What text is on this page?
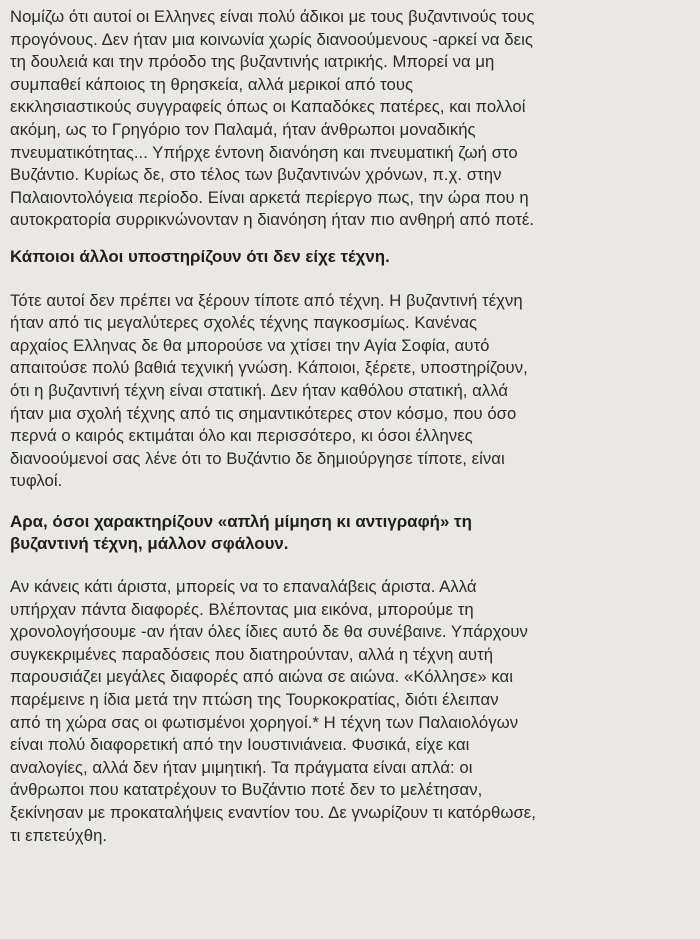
Νομίζω ότι αυτοί οι Ελληνες είναι πολύ άδικοι με τους βυζαντινούς τους
προγόνους. Δεν ήταν μια κοινωνία χωρίς διανοούμενους -αρκεί να δεις
τη δουλειά και την πρόοδο της βυζαντινής ιατρικής. Μπορεί να μη
συμπαθεί κάποιος τη θρησκεία, αλλά μερικοί από τους
εκκλησιαστικούς συγγραφείς όπως οι Καπαδόκες πατέρες, και πολλοί
ακόμη, ως το Γρηγόριο τον Παλαμά, ήταν άνθρωποι μοναδικής
πνευματικότητας... Υπήρχε έντονη διανόηση και πνευματική ζωή στο
Βυζάντιο. Κυρίως δε, στο τέλος των βυζαντινών χρόνων, π.χ. στην
Παλαιοντολόγεια περίοδο. Είναι αρκετά περίεργο πως, την ώρα που η
αυτοκρατορία συρρικνώνονταν η διανόηση ήταν πιο ανθηρή από ποτέ.

Κάποιοι άλλοι υποστηρίζουν ότι δεν είχε τέχνη.

Τότε αυτοί δεν πρέπει να ξέρουν τίποτε από τέχνη. Η βυζαντινή τέχνη
ήταν από τις μεγαλύτερες σχολές τέχνης παγκοσμίως. Κανένας
αρχαίος Ελληνας δε θα μπορούσε να χτίσει την Αγία Σοφία, αυτό
απαιτούσε πολύ βαθιά τεχνική γνώση. Κάποιοι, ξέρετε, υποστηρίζουν,
ότι η βυζαντινή τέχνη είναι στατική. Δεν ήταν καθόλου στατική, αλλά
ήταν μια σχολή τέχνης από τις σημαντικότερες στον κόσμο, που όσο
περνά ο καιρός εκτιμάται όλο και περισσότερο, κι όσοι έλληνες
διανοούμενοί σας λένε ότι το Βυζάντιο δε δημιούργησε τίποτε, είναι
τυφλοί.

Αρα, όσοι χαρακτηρίζουν «απλή μίμηση κι αντιγραφή» τη
βυζαντινή τέχνη, μάλλον σφάλουν.

Αν κάνεις κάτι άριστα, μπορείς να το επαναλάβεις άριστα. Αλλά
υπήρχαν πάντα διαφορές. Βλέποντας μια εικόνα, μπορούμε τη
χρονολογήσουμε -αν ήταν όλες ίδιες αυτό δε θα συνέβαινε. Υπάρχουν
συγκεκριμένες παραδόσεις που διατηρούνταν, αλλά η τέχνη αυτή
παρουσιάζει μεγάλες διαφορές από αιώνα σε αιώνα. «Κόλλησε» και
παρέμεινε η ίδια μετά την πτώση της Τουρκοκρατίας, διότι έλειπαν
από τη χώρα σας οι φωτισμένοι χορηγοί.* Η τέχνη των Παλαιολόγων
είναι πολύ διαφορετική από την Ιουστινιάνεια. Φυσικά, είχε και
αναλογίες, αλλά δεν ήταν μιμητική. Τα πράγματα είναι απλά: οι
άνθρωποι που κατατρέχουν το Βυζάντιο ποτέ δεν το μελέτησαν,
ξεκίνησαν με προκαταλήψεις εναντίον του. Δε γνωρίζουν τι κατόρθωσε,
τι επετεύχθη.
